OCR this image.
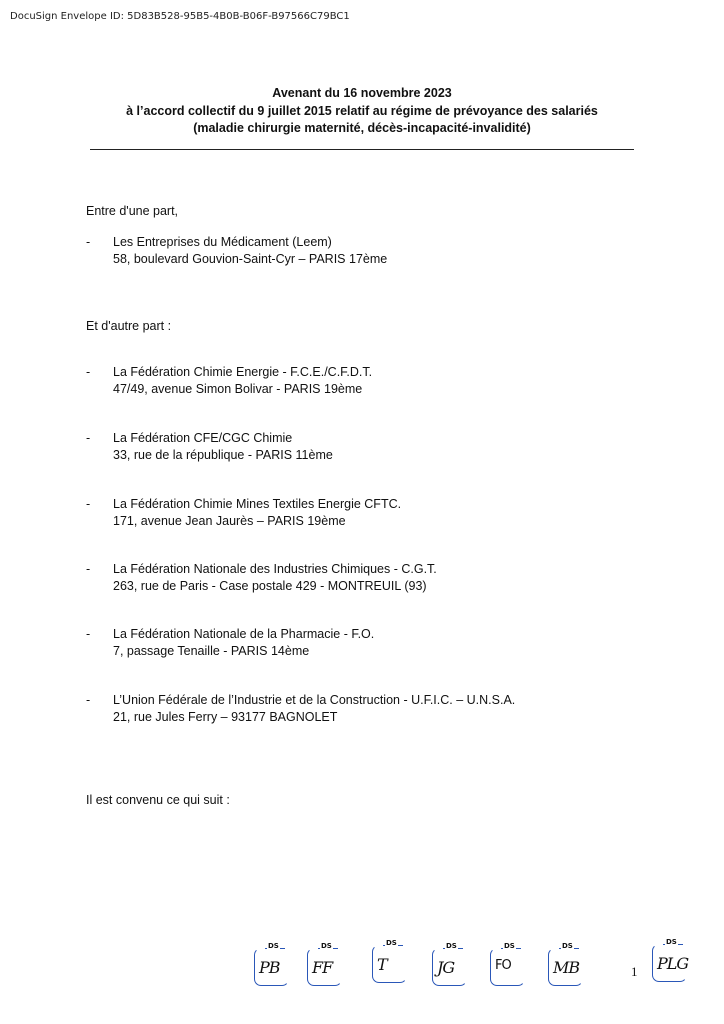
DocuSign Envelope ID: 5D83B528-95B5-4B0B-B06F-B97566C79BC1
Avenant du 16 novembre 2023
à l’accord collectif du 9 juillet 2015 relatif au régime de prévoyance des salariés
(maladie chirurgie maternité, décès-incapacité-invalidité)
Entre d'une part,
- Les Entreprises du Médicament (Leem)
58, boulevard Gouvion-Saint-Cyr – PARIS 17ème
Et d'autre part :
- La Fédération Chimie Energie - F.C.E./C.F.D.T.
47/49, avenue Simon Bolivar - PARIS 19ème
- La Fédération CFE/CGC Chimie
33, rue de la république - PARIS 11ème
- La Fédération Chimie Mines Textiles Energie CFTC.
171, avenue Jean Jaurès – PARIS 19ème
- La Fédération Nationale des Industries Chimiques - C.G.T.
263, rue de Paris - Case postale 429 - MONTREUIL (93)
- La Fédération Nationale de la Pharmacie - F.O.
7, passage Tenaille - PARIS 14ème
- L’Union Fédérale de l’Industrie et de la Construction - U.F.I.C. – U.N.S.A.
21, rue Jules Ferry – 93177 BAGNOLET
Il est convenu ce qui suit :
DS
PB
DS
FF
DS
T
DS
JG
DS
FO
DS
MB	1
DS
PLG
